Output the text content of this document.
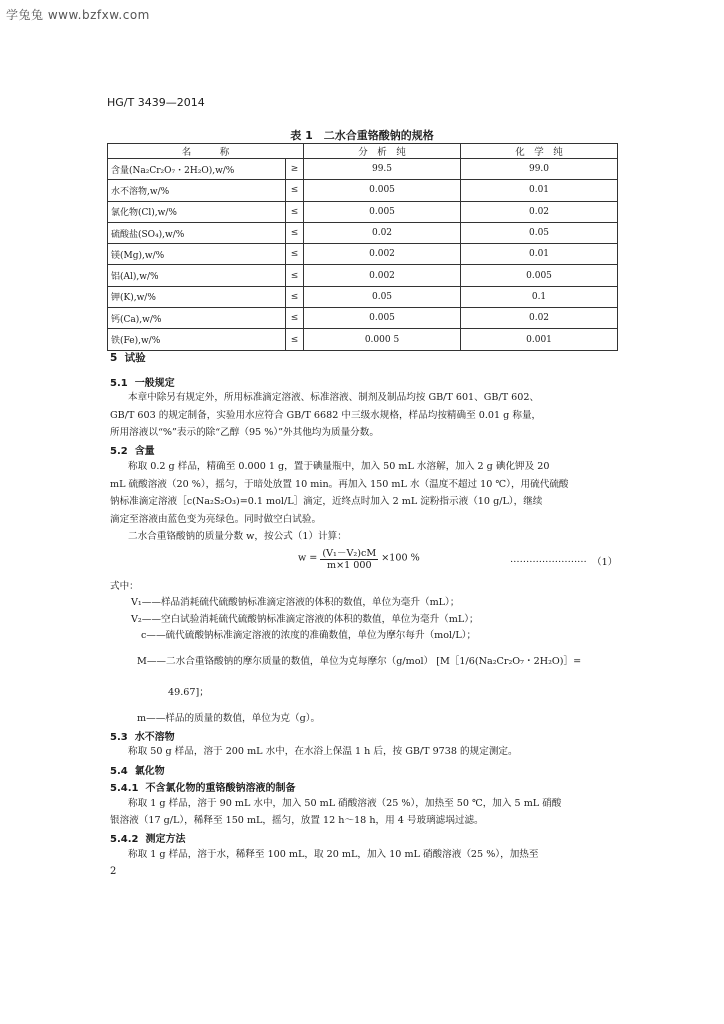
学兔兔 www.bzfxw.com
HG/T 3439—2014
表 1　二水合重铬酸钠的规格
名　　　称		分　析　纯	化　学　纯
含量(Na₂Cr₂O₇・2H₂O),w/%	≥	99.5	99.0
水不溶物,w/%	≤	0.005	0.01
氯化物(Cl),w/%	≤	0.005	0.02
硫酸盐(SO₄),w/%	≤	0.02	0.05
镁(Mg),w/%	≤	0.002	0.01
铝(Al),w/%	≤	0.002	0.005
钾(K),w/%	≤	0.05	0.1
钙(Ca),w/%	≤	0.005	0.02
铁(Fe),w/%	≤	0.000 5	0.001
5 试验
5.1 一般规定
本章中除另有规定外，所用标准滴定溶液、标准溶液、制剂及制品均按 GB/T 601、GB/T 602、
GB/T 603 的规定制备，实验用水应符合 GB/T 6682 中三级水规格，样品均按精确至 0.01 g 称量，
所用溶液以“%”表示的除“乙醇（95 %）”外其他均为质量分数。
5.2 含量
称取 0.2 g 样品，精确至 0.000 1 g，置于碘量瓶中，加入 50 mL 水溶解，加入 2 g 碘化钾及 20
mL 硫酸溶液（20 %），摇匀，于暗处放置 10 min。再加入 150 mL 水（温度不超过 10 ℃），用硫代硫酸
钠标准滴定溶液［c(Na₂S₂O₃)=0.1 mol/L］滴定，近终点时加入 2 mL 淀粉指示液（10 g/L），继续
滴定至溶液由蓝色变为亮绿色。同时做空白试验。
二水合重铬酸钠的质量分数 w，按公式（1）计算：
$w = \frac{\text{(V₁－V₂)cM}}{m\times 1 000} \times 100$ %	…………………… （1）
式中：
V₁——样品消耗硫代硫酸钠标准滴定溶液的体积的数值，单位为毫升（mL）；
V₂——空白试验消耗硫代硫酸钠标准滴定溶液的体积的数值，单位为毫升（mL）；
c——硫代硫酸钠标准滴定溶液的浓度的准确数值，单位为摩尔每升（mol/L）；
M——二水合重铬酸钠的摩尔质量的数值，单位为克每摩尔（g/mol） [M［1/6(Na₂Cr₂O₇・2H₂O)］=
49.67]；
m——样品的质量的数值，单位为克（g）。
5.3 水不溶物
称取 50 g 样品，溶于 200 mL 水中，在水浴上保温 1 h 后，按 GB/T 9738 的规定测定。
5.4 氯化物
5.4.1 不含氯化物的重铬酸钠溶液的制备
称取 1 g 样品，溶于 90 mL 水中，加入 50 mL 硝酸溶液（25 %），加热至 50 ℃，加入 5 mL 硝酸
银溶液（17 g/L），稀释至 150 mL，摇匀，放置 12 h～18 h，用 4 号玻璃滤埚过滤。
5.4.2 测定方法
称取 1 g 样品，溶于水，稀释至 100 mL，取 20 mL，加入 10 mL 硝酸溶液（25 %），加热至
2
